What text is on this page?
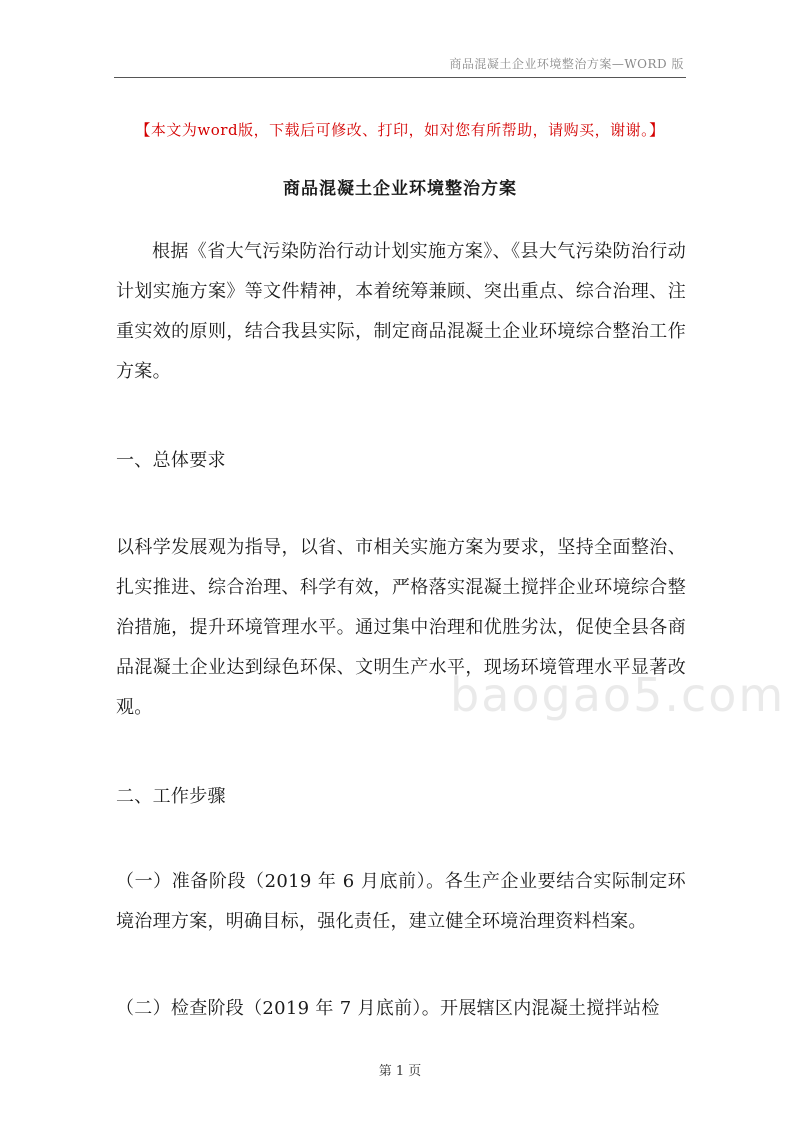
商品混凝土企业环境整治方案—WORD 版
【本文为word版，下载后可修改、打印，如对您有所帮助，请购买，谢谢。】
商品混凝土企业环境整治方案

根据《省大气污染防治行动计划实施方案》、《县大气污染防治行动计划实施方案》等文件精神，本着统筹兼顾、突出重点、综合治理、注重实效的原则，结合我县实际，制定商品混凝土企业环境综合整治工作方案。

一、总体要求

以科学发展观为指导，以省、市相关实施方案为要求，坚持全面整治、扎实推进、综合治理、科学有效，严格落实混凝土搅拌企业环境综合整治措施，提升环境管理水平。通过集中治理和优胜劣汰，促使全县各商品混凝土企业达到绿色环保、文明生产水平，现场环境管理水平显著改观。	baogao5.com

二、工作步骤

（一）准备阶段（2019 年 6 月底前）。各生产企业要结合实际制定环境治理方案，明确目标，强化责任，建立健全环境治理资料档案。

（二）检查阶段（2019 年 7 月底前）。开展辖区内混凝土搅拌站检

第 1 页
